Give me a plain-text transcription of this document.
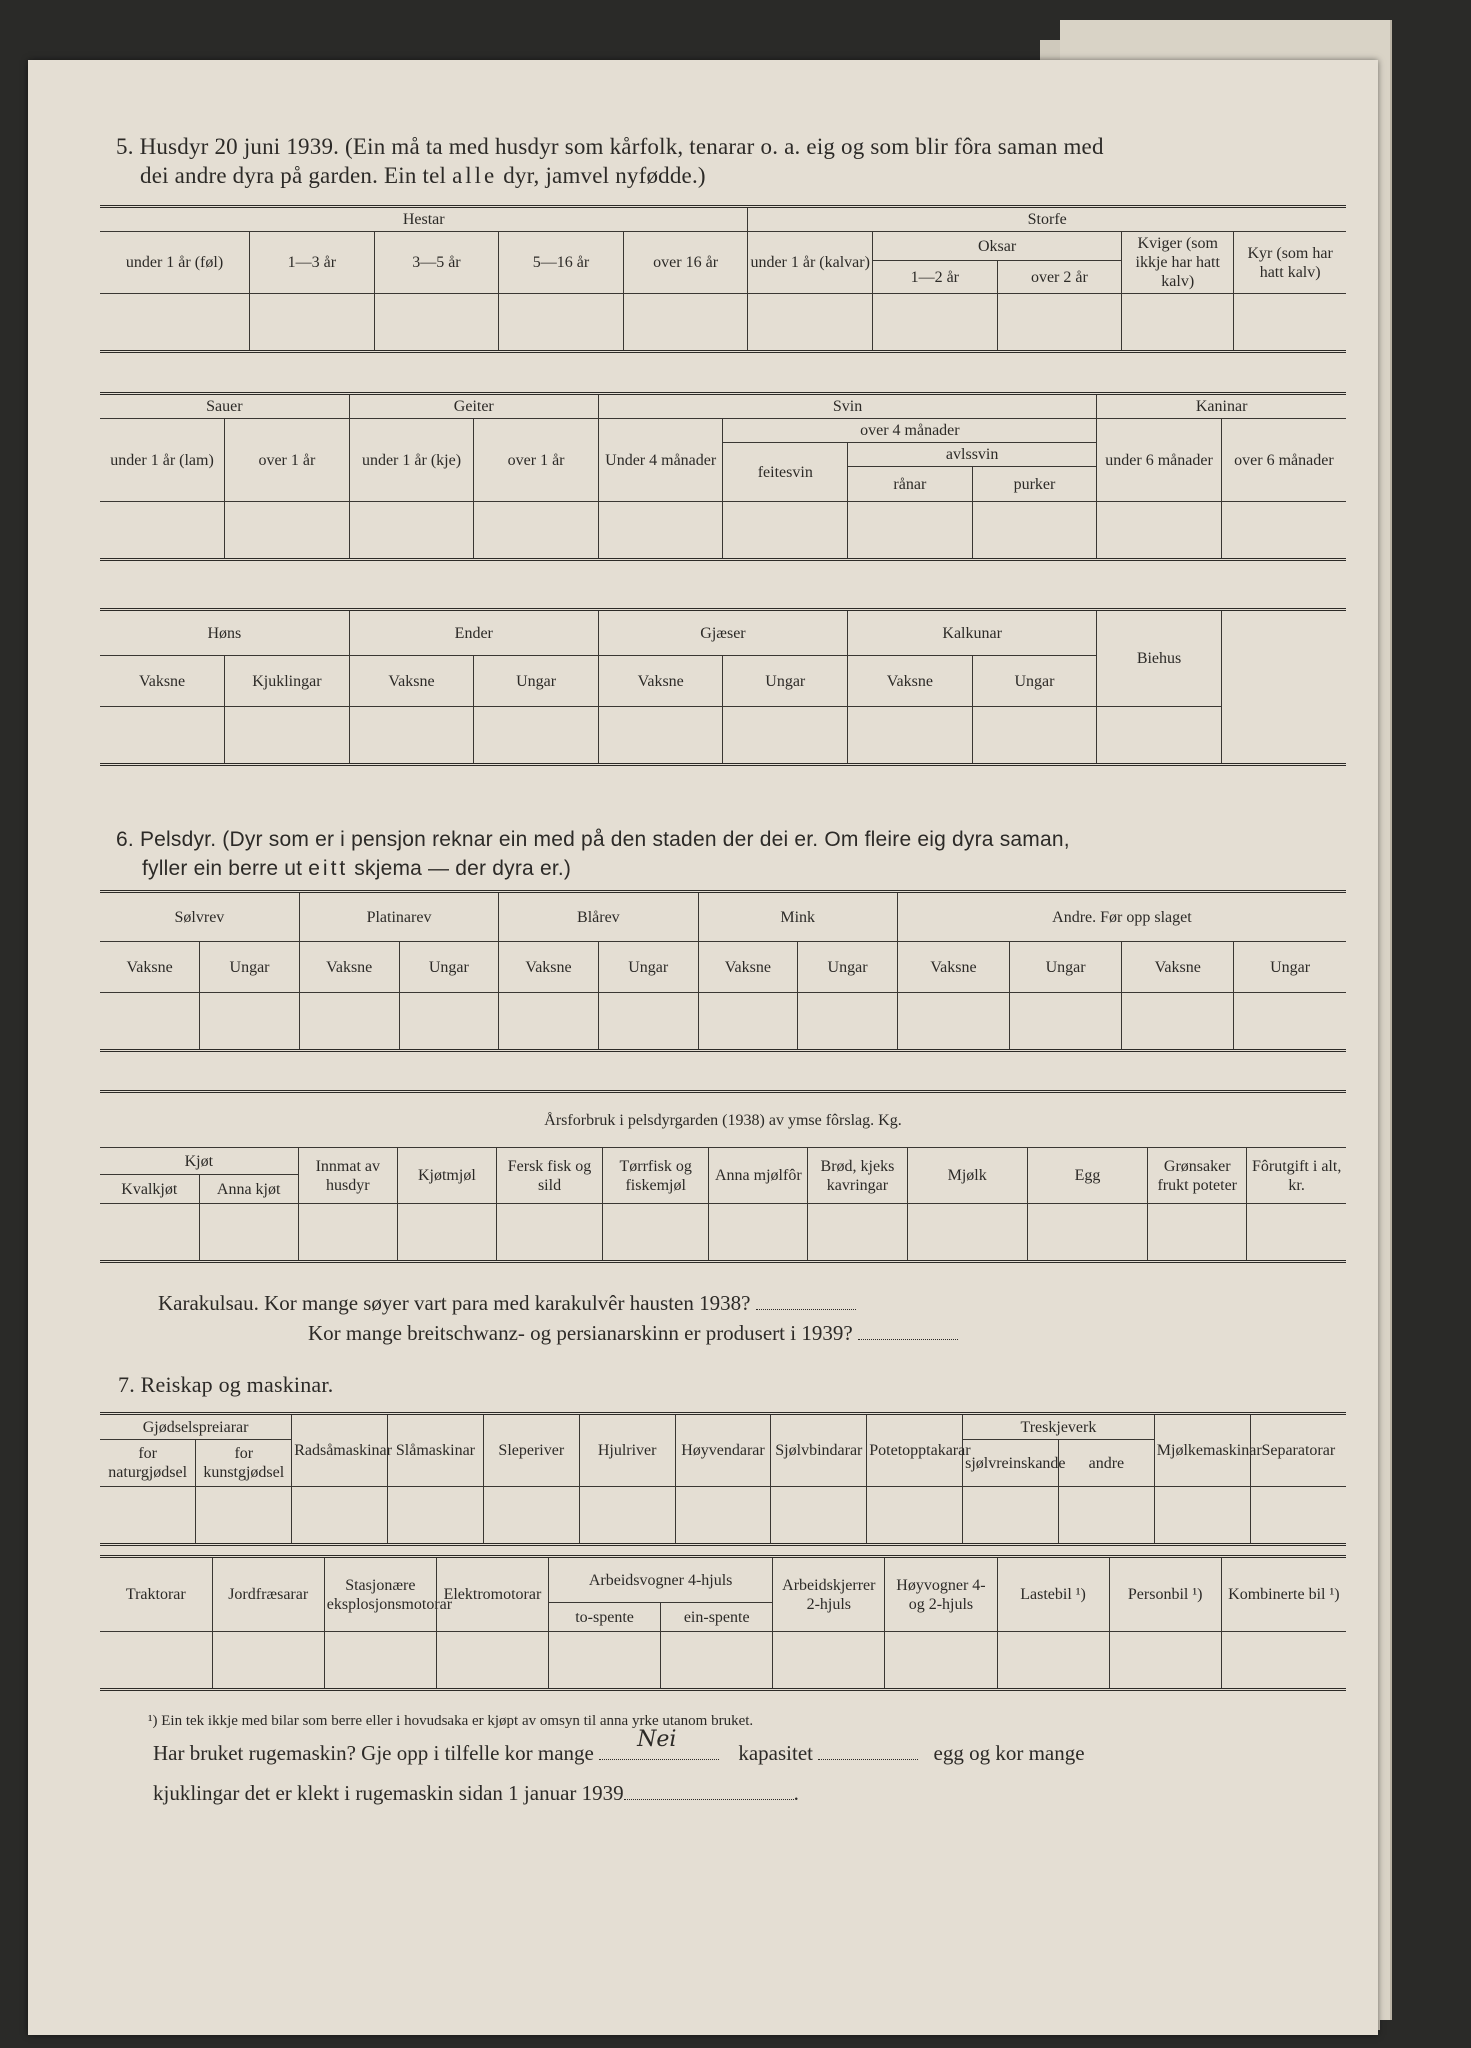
5. Husdyr 20 juni 1939. (Ein må ta med husdyr som kårfolk, tenarar o. a. eig og som blir fôra saman med
dei andre dyra på garden. Ein tel alle dyr, jamvel nyfødde.)
Hestar					Storfe				
under 1 år (føl)	1—3 år	3—5 år	5—16 år	over 16 år	under 1 år (kalvar)	Oksar		Kviger (som ikkje har hatt kalv)	Kyr (som har hatt kalv)
						1—2 år	over 2 år		

Sauer		Geiter		Svin				Kaninar	
under 1 år (lam)	over 1 år	under 1 år (kje)	over 1 år	Under 4 månader	over 4 månader			under 6 månader	over 6 månader
					feitesvin	avlssvin			
						rånar	purker		

Høns		Ender		Gjæser		Kalkunar		Biehus	
Vaksne	Kjuklingar	Vaksne	Ungar	Vaksne	Ungar	Vaksne	Ungar		

6. Pelsdyr. (Dyr som er i pensjon reknar ein med på den staden der dei er. Om fleire eig dyra saman,
fyller ein berre ut eitt skjema — der dyra er.)
Sølvrev		Platinarev		Blårev		Mink		Andre. Før opp slaget			
Vaksne	Ungar	Vaksne	Ungar	Vaksne	Ungar	Vaksne	Ungar	Vaksne	Ungar	Vaksne	Ungar

Årsforbruk i pelsdyrgarden (1938) av ymse fôrslag. Kg.											
Kjøt		Innmat av husdyr	Kjøtmjøl	Fersk fisk og sild	Tørrfisk og fiskemjøl	Anna mjølfôr	Brød, kjeks kavringar	Mjølk	Egg	Grønsaker frukt poteter	Fôrutgift i alt, kr.
Kvalkjøt	Anna kjøt										

Karakulsau. Kor mange søyer vart para med karakulvêr hausten 1938?
Kor mange breitschwanz- og persianarskinn er produsert i 1939?
7. Reiskap og maskinar.
Gjødselspreiarar		Radsåmaskinar	Slåmaskinar	Sleperiver	Hjulriver	Høyvendarar	Sjølvbindarar	Potetopptakarar	Treskjeverk		Mjølkemaskinar	Separatorar
for naturgjødsel	for kunstgjødsel								sjølvreinskande	andre		

Traktorar	Jordfræsarar	Stasjonære eksplosjonsmotorar	Elektromotorar	Arbeidsvogner 4-hjuls		Arbeidskjerrer 2-hjuls	Høyvogner 4- og 2-hjuls	Lastebil ¹)	Personbil ¹)	Kombinerte bil ¹)
				to-spente	ein-spente					

¹) Ein tek ikkje med bilar som berre eller i hovudsaka er kjøpt av omsyn til anna yrke utanom bruket.
Har bruket rugemaskin? Gje opp i tilfelle kor mange
Nei
kapasitet	egg og kor mange
kjuklingar det er klekt i rugemaskin sidan 1 januar 1939	.
